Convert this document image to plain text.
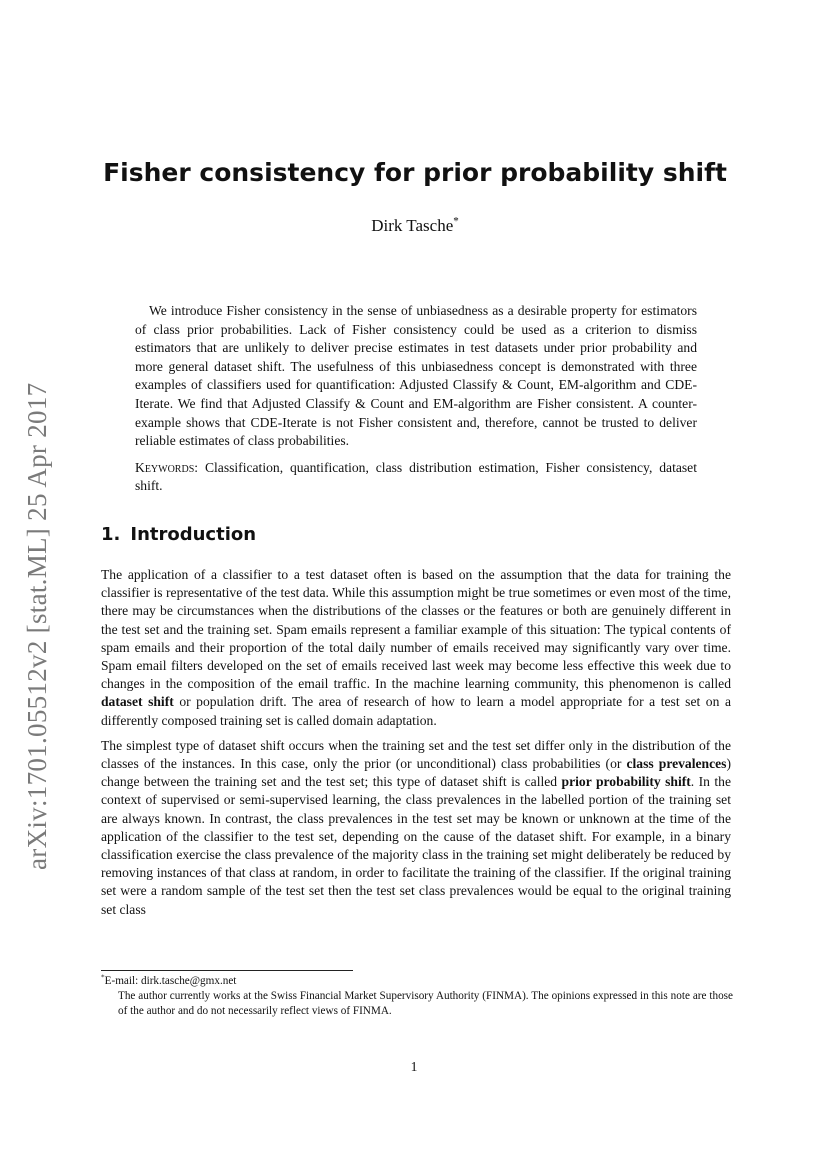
arXiv:1701.05512v2 [stat.ML] 25 Apr 2017
Fisher consistency for prior probability shift
Dirk Tasche*

We introduce Fisher consistency in the sense of unbiasedness as a desirable property for estimators of class prior probabilities. Lack of Fisher consistency could be used as a criterion to dismiss estimators that are unlikely to deliver precise estimates in test datasets under prior probability and more general dataset shift. The usefulness of this unbiasedness concept is demonstrated with three examples of classifiers used for quantification: Adjusted Classify & Count, EM-algorithm and CDE-Iterate. We find that Adjusted Classify & Count and EM-algorithm are Fisher consistent. A counter-example shows that CDE-Iterate is not Fisher consistent and, therefore, cannot be trusted to deliver reliable estimates of class probabilities.

Keywords: Classification, quantification, class distribution estimation, Fisher consistency, dataset shift.

1. Introduction

The application of a classifier to a test dataset often is based on the assumption that the data for training the classifier is representative of the test data. While this assumption might be true sometimes or even most of the time, there may be circumstances when the distributions of the classes or the features or both are genuinely different in the test set and the training set. Spam emails represent a familiar example of this situation: The typical contents of spam emails and their proportion of the total daily number of emails received may significantly vary over time. Spam email filters developed on the set of emails received last week may become less effective this week due to changes in the composition of the email traffic. In the machine learning community, this phenomenon is called dataset shift or population drift. The area of research of how to learn a model appropriate for a test set on a differently composed training set is called domain adaptation.

The simplest type of dataset shift occurs when the training set and the test set differ only in the distribution of the classes of the instances. In this case, only the prior (or unconditional) class probabilities (or class prevalences) change between the training set and the test set; this type of dataset shift is called prior probability shift. In the context of supervised or semi-supervised learning, the class prevalences in the labelled portion of the training set are always known. In contrast, the class prevalences in the test set may be known or unknown at the time of the application of the classifier to the test set, depending on the cause of the dataset shift. For example, in a binary classification exercise the class prevalence of the majority class in the training set might deliberately be reduced by removing instances of that class at random, in order to facilitate the training of the classifier. If the original training set were a random sample of the test set then the test set class prevalences would be equal to the original training set class

*E-mail: dirk.tasche@gmx.net

The author currently works at the Swiss Financial Market Supervisory Authority (FINMA). The opinions expressed in this note are those of the author and do not necessarily reflect views of FINMA.

1
